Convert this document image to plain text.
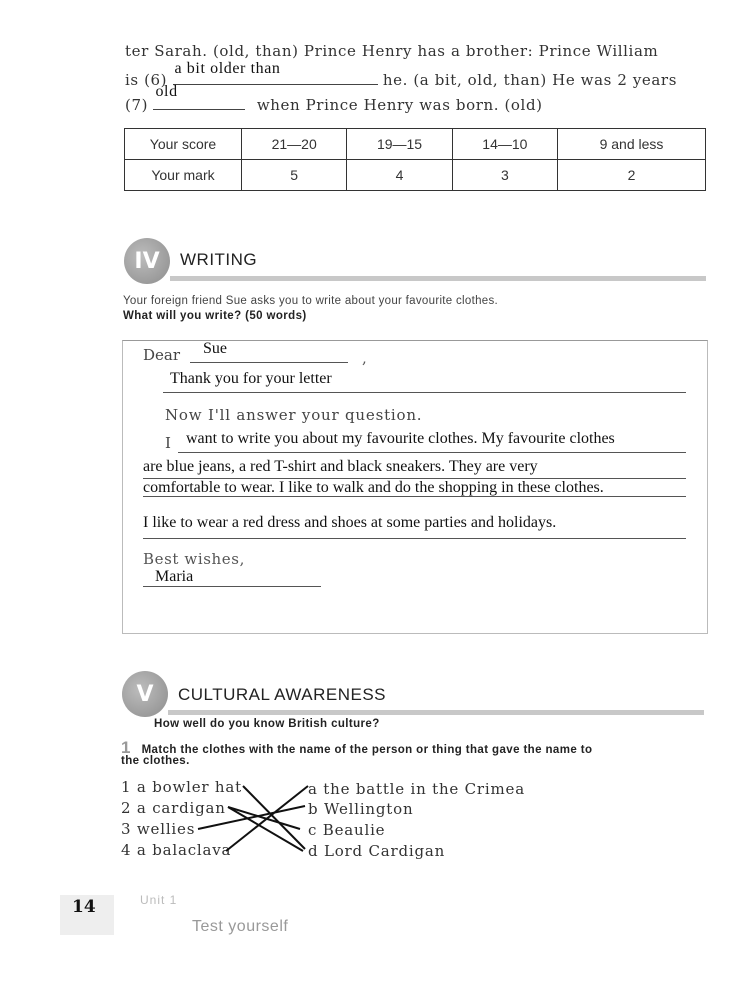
ter Sarah. (old, than) Prince Henry has a brother: Prince William
is (6)
a bit older than
he. (a bit, old, than) He was 2 years
(7)
old
when Prince Henry was born. (old)
Your score	21—20	19—15	14—10	9 and less
Your mark	5	4	3	2
IV	WRITING
Your foreign friend Sue asks you to write about your favourite clothes.
What will you write? (50 words)
Dear Sue
,
Thank you for your letter
Now I'll answer your question.
I want to write you about my favourite clothes. My favourite clothes
are blue jeans, a red T-shirt and black sneakers. They are very
comfortable to wear. I like to walk and do the shopping in these clothes.
I like to wear a red dress and shoes at some parties and holidays.
Best wishes,
Maria
V	CULTURAL AWARENESS
How well do you know British culture?
1 Match the clothes with the name of the person or thing that gave the name to
the clothes.
1 a bowler hat
2 a cardigan
3 wellies
4 a balaclava
a the battle in the Crimea
b Wellington
c Beaulie
d Lord Cardigan
14	Unit 1
Test yourself
